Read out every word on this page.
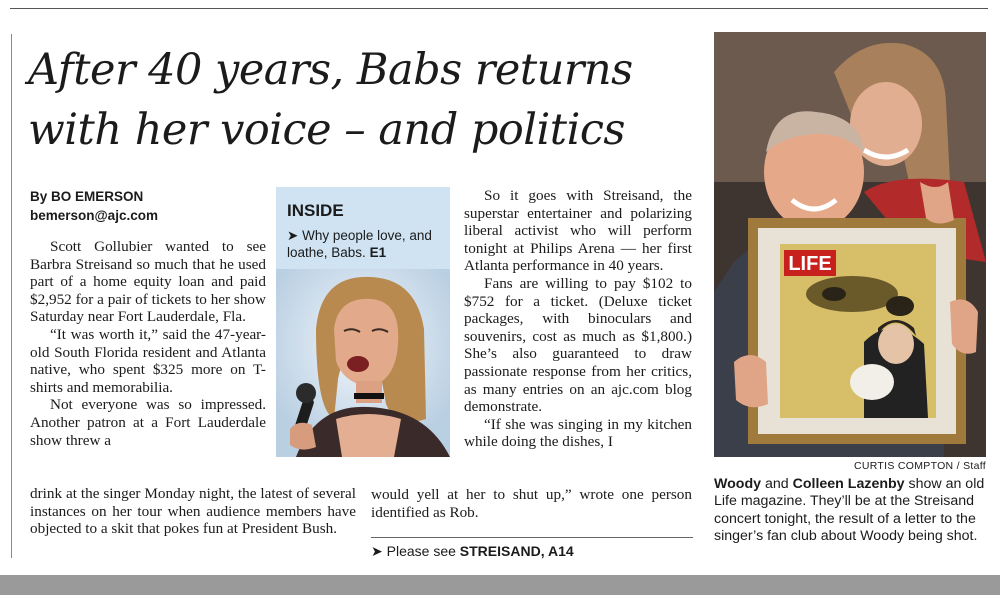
After 40 years, Babs returns
with her voice – and politics
By BO EMERSON
bemerson@ajc.com

Scott Gollubier wanted to see Barbra Streisand so much that he used part of a home equity loan and paid $2,952 for a pair of tickets to her show Saturday near Fort Lauderdale, Fla.

“It was worth it,” said the 47-year-old South Florida resident and Atlanta native, who spent $325 more on T-shirts and memorabilia.

Not everyone was so impressed. Another patron at a Fort Lauderdale show threw a

drink at the singer Monday night, the latest of several instances on her tour when audience members have objected to a skit that pokes fun at President Bush.

INSIDE
➤ Why people love, and loathe, Babs. E1

So it goes with Streisand, the superstar entertainer and polarizing liberal activist who will perform tonight at Philips Arena — her first Atlanta performance in 40 years.

Fans are willing to pay $102 to $752 for a ticket. (Deluxe ticket packages, with binoculars and souvenirs, cost as much as $1,800.) She’s also guaranteed to draw passionate response from her critics, as many entries on an ajc.com blog demonstrate.

“If she was singing in my kitchen while doing the dishes, I

would yell at her to shut up,” wrote one person identified as Rob.

➤ Please see STREISAND, A14
LIFE
CURTIS COMPTON / Staff
Woody and Colleen Lazenby show an old Life magazine. They’ll be at the Streisand concert tonight, the result of a letter to the singer’s fan club about Woody being shot.
